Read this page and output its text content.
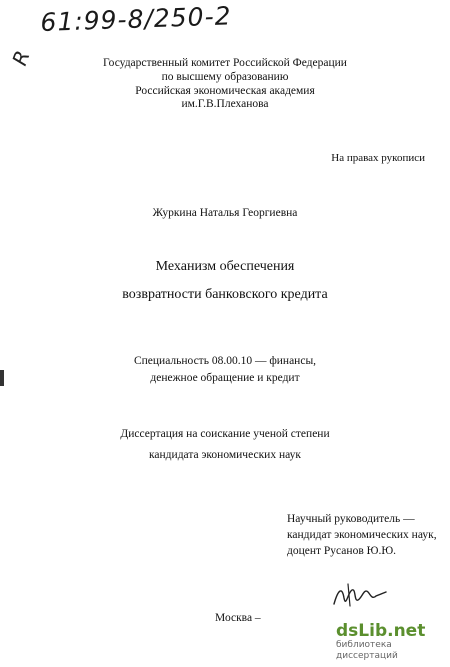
61:99-8/250-2
R	Государственный комитет Российской Федерации
по высшему образованию
Российская экономическая академия
им.Г.В.Плеханова
На правах рукописи
Журкина Наталья Георгиевна
Механизм обеспечения
возвратности банковского кредита
Специальность 08.00.10 — финансы,
денежное обращение и кредит
Диссертация на соискание ученой степени
кандидата экономических наук
Научный руководитель —
кандидат экономических наук,
доцент Русанов Ю.Ю.
Москва –
dsLib.net
библиотека диссертаций
